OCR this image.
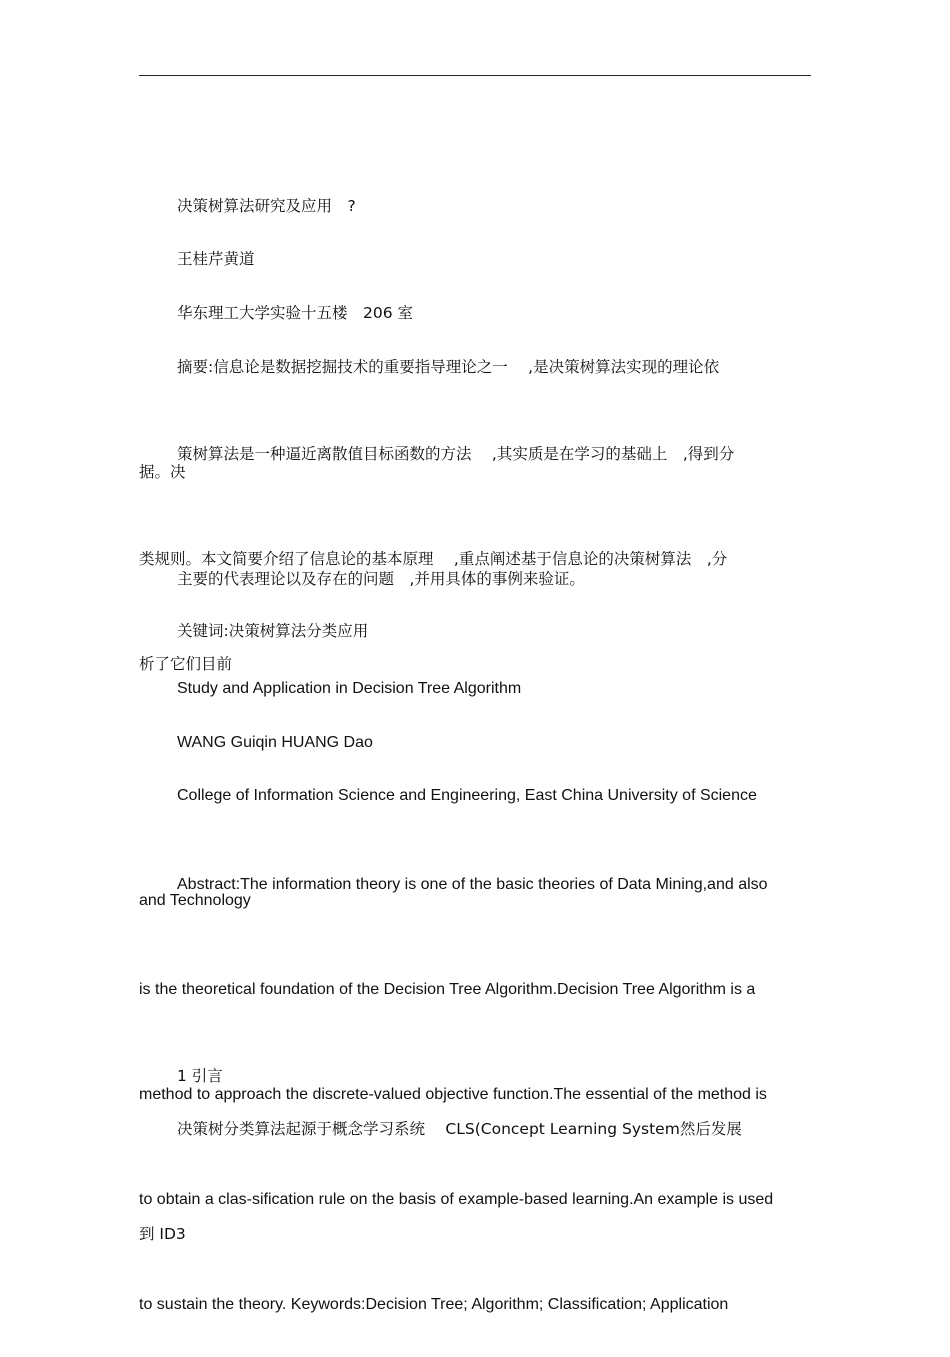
决策树算法研究及应用　?

王桂芹黄道

华东理工大学实验十五楼　206 室

摘要:信息论是数据挖掘技术的重要指导理论之一　 ,是决策树算法实现的理论依

据。决

策树算法是一种逼近离散值目标函数的方法　 ,其实质是在学习的基础上　,得到分

类规则。本文简要介绍了信息论的基本原理　 ,重点阐述基于信息论的决策树算法　,分

析了它们目前

主要的代表理论以及存在的问题　,并用具体的事例来验证。

关键词:决策树算法分类应用

Study and Application in Decision Tree Algorithm

WANG Guiqin HUANG Dao

College of Information Science and Engineering, East China University of Science

and Technology

Abstract:The information theory is one of the basic theories of Data Mining,and also

is the theoretical foundation of the Decision Tree Algorithm.Decision Tree Algorithm is a

method to approach the discrete-valued objective function.The essential of the method is

to obtain a clas-sification rule on the basis of example-based learning.An example is used

to sustain the theory. Keywords:Decision Tree; Algorithm; Classification; Application

1 引言

决策树分类算法起源于概念学习系统　 CLS(Concept Learning System然后发展

到 ID3
